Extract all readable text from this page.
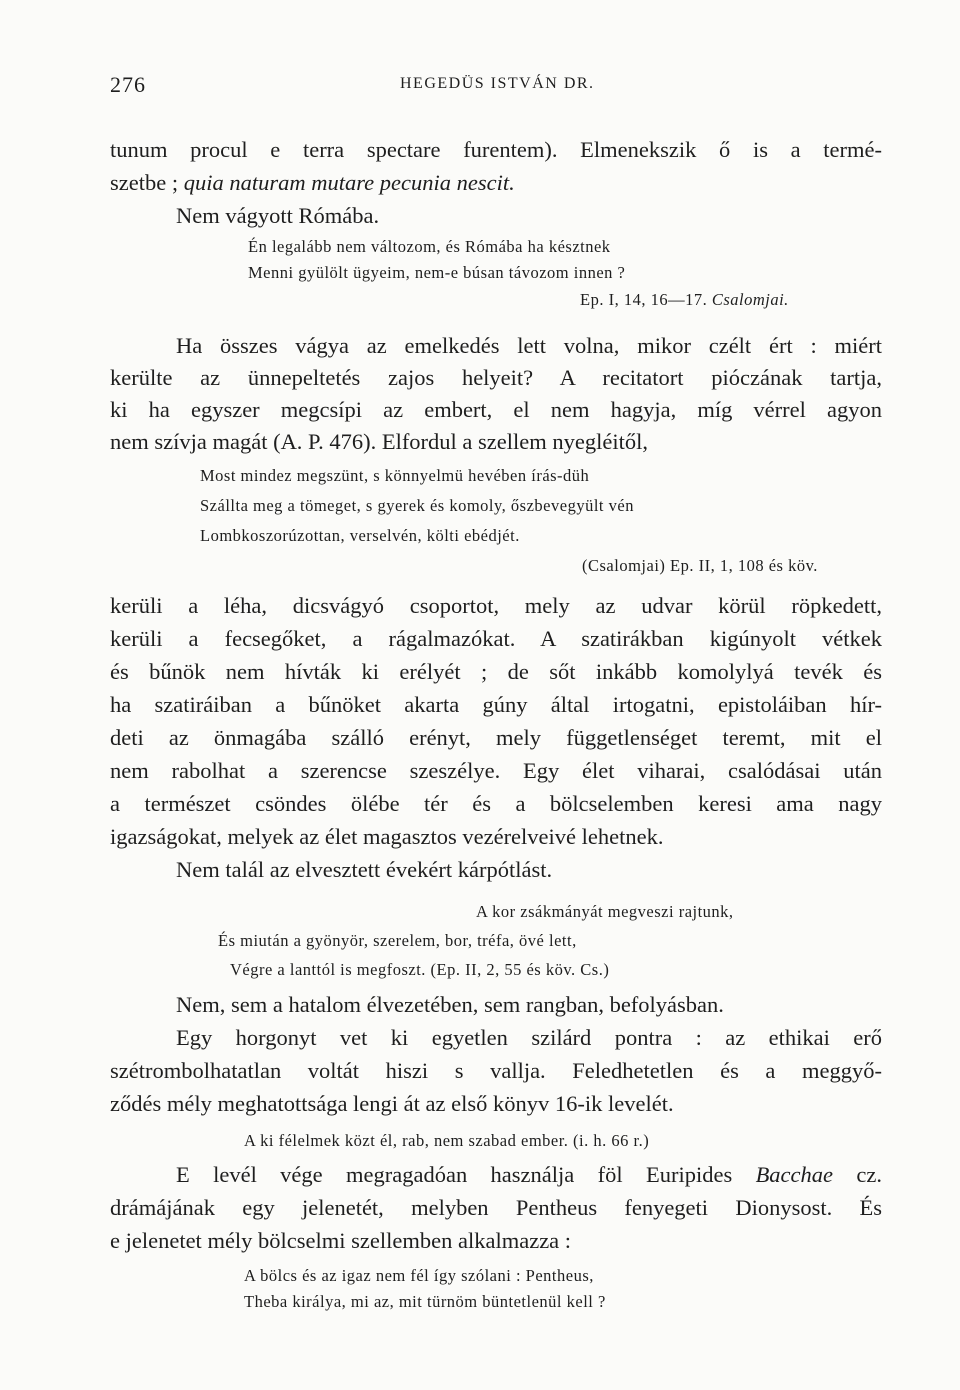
276	HEGEDÜS ISTVÁN DR.
tunum procul e terra spectare furentem). Elmenekszik ő is a termé-
szetbe ; quia naturam mutare pecunia nescit.
Nem vágyott Rómába.
Én legalább nem változom, és Rómába ha késztnek
Menni gyülölt ügyeim, nem-e búsan távozom innen ?
Ep. I, 14, 16—17. Csalomjai.
Ha összes vágya az emelkedés lett volna, mikor czélt ért : miért
kerülte az ünnepeltetés zajos helyeit? A recitatort pióczának tartja,
ki ha egyszer megcsípi az embert, el nem hagyja, míg vérrel agyon
nem szívja magát (A. P. 476). Elfordul a szellem nyegléitől,
Most mindez megszünt, s könnyelmü hevében írás-düh
Szállta meg a tömeget, s gyerek és komoly, őszbevegyült vén
Lombkoszorúzottan, verselvén, költi ebédjét.
(Csalomjai) Ep. II, 1, 108 és köv.
kerüli a léha, dicsvágyó csoportot, mely az udvar körül röpkedett,
kerüli a fecsegőket, a rágalmazókat. A szatirákban kigúnyolt vétkek
és bűnök nem hívták ki erélyét ; de sőt inkább komolylyá tevék és
ha szatiráiban a bűnöket akarta gúny által irtogatni, epistoláiban hír-
deti az önmagába szálló erényt, mely függetlenséget teremt, mit el
nem rabolhat a szerencse szeszélye. Egy élet viharai, csalódásai után
a természet csöndes ölébe tér és a bölcselemben keresi ama nagy
igazságokat, melyek az élet magasztos vezérelveivé lehetnek.
Nem talál az elvesztett évekért kárpótlást.
A kor zsákmányát megveszi rajtunk,
És miután a gyönyör, szerelem, bor, tréfa, övé lett,
Végre a lanttól is megfoszt. (Ep. II, 2, 55 és köv. Cs.)
Nem, sem a hatalom élvezetében, sem rangban, befolyásban.
Egy horgonyt vet ki egyetlen szilárd pontra : az ethikai erő
szétrombolhatatlan voltát hiszi s vallja. Feledhetetlen és a meggyő-
ződés mély meghatottsága lengi át az első könyv 16-ik levelét.
A ki félelmek közt él, rab, nem szabad ember. (i. h. 66 r.)
E levél vége megragadóan használja föl Euripides Bacchae cz.
drámájának egy jelenetét, melyben Pentheus fenyegeti Dionysost. És
e jelenetet mély bölcselmi szellemben alkalmazza :
A bölcs és az igaz nem fél így szólani : Pentheus,
Theba királya, mi az, mit türnöm büntetlenül kell ?
